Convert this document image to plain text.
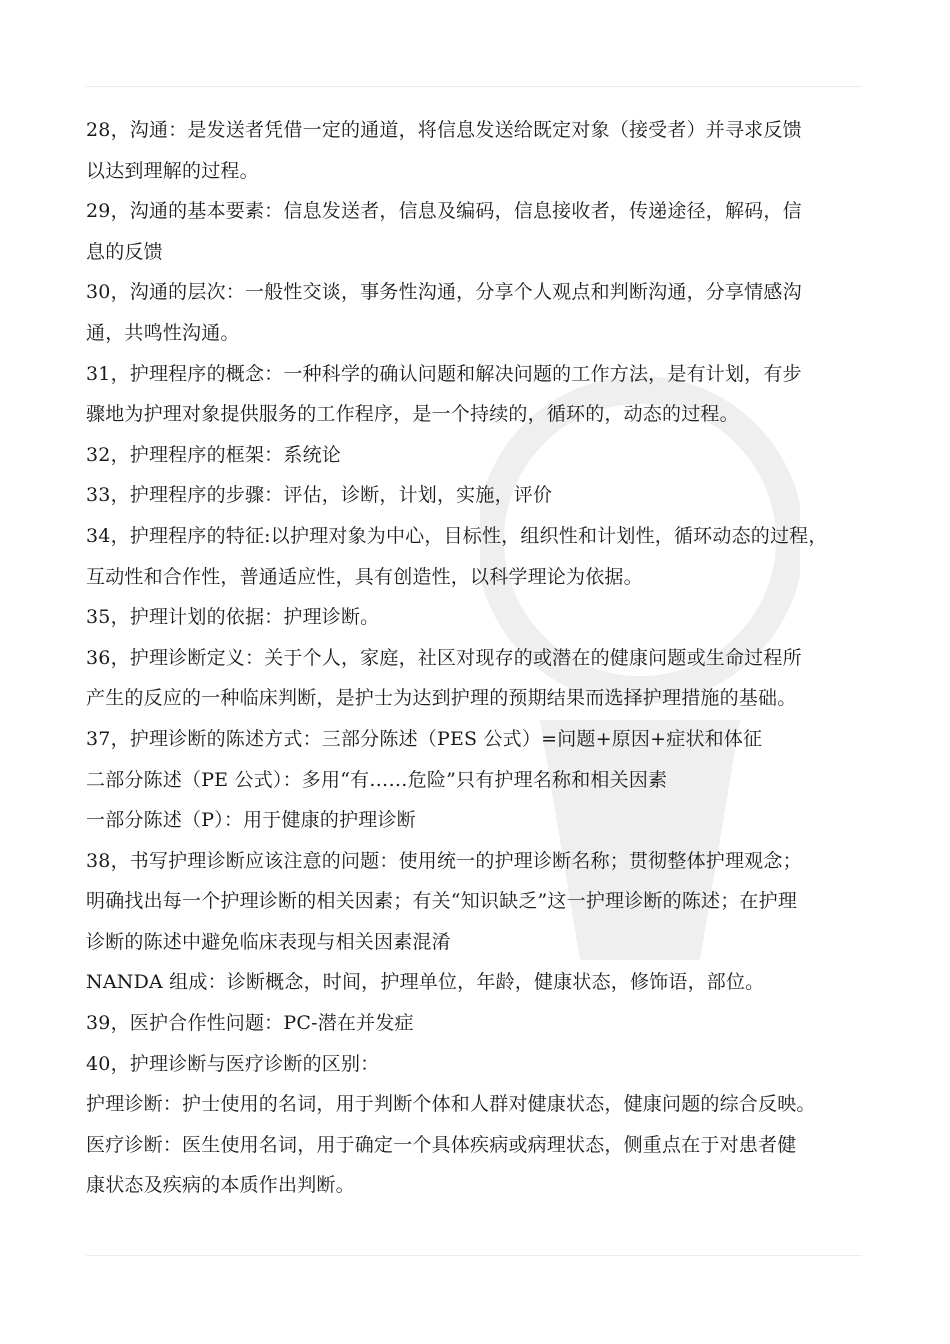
28，沟通：是发送者凭借一定的通道，将信息发送给既定对象（接受者）并寻求反馈
以达到理解的过程。
29，沟通的基本要素：信息发送者，信息及编码，信息接收者，传递途径，解码，信
息的反馈
30，沟通的层次：一般性交谈，事务性沟通，分享个人观点和判断沟通，分享情感沟
通，共鸣性沟通。
31，护理程序的概念：一种科学的确认问题和解决问题的工作方法，是有计划，有步
骤地为护理对象提供服务的工作程序，是一个持续的，循环的，动态的过程。
32，护理程序的框架：系统论
33，护理程序的步骤：评估，诊断，计划，实施，评价
34，护理程序的特征:以护理对象为中心，目标性，组织性和计划性，循环动态的过程，
互动性和合作性，普通适应性，具有创造性，以科学理论为依据。
35，护理计划的依据：护理诊断。
36，护理诊断定义：关于个人，家庭，社区对现存的或潜在的健康问题或生命过程所
产生的反应的一种临床判断，是护士为达到护理的预期结果而选择护理措施的基础。
37，护理诊断的陈述方式：三部分陈述（PES 公式）=问题+原因+症状和体征
二部分陈述（PE 公式）：多用“有……危险”只有护理名称和相关因素
一部分陈述（P）：用于健康的护理诊断
38，书写护理诊断应该注意的问题：使用统一的护理诊断名称；贯彻整体护理观念；
明确找出每一个护理诊断的相关因素；有关“知识缺乏”这一护理诊断的陈述；在护理
诊断的陈述中避免临床表现与相关因素混淆
NANDA 组成：诊断概念，时间，护理单位，年龄，健康状态，修饰语，部位。
39，医护合作性问题：PC-潜在并发症
40，护理诊断与医疗诊断的区别：
护理诊断：护士使用的名词，用于判断个体和人群对健康状态，健康问题的综合反映。
医疗诊断：医生使用名词，用于确定一个具体疾病或病理状态，侧重点在于对患者健
康状态及疾病的本质作出判断。
